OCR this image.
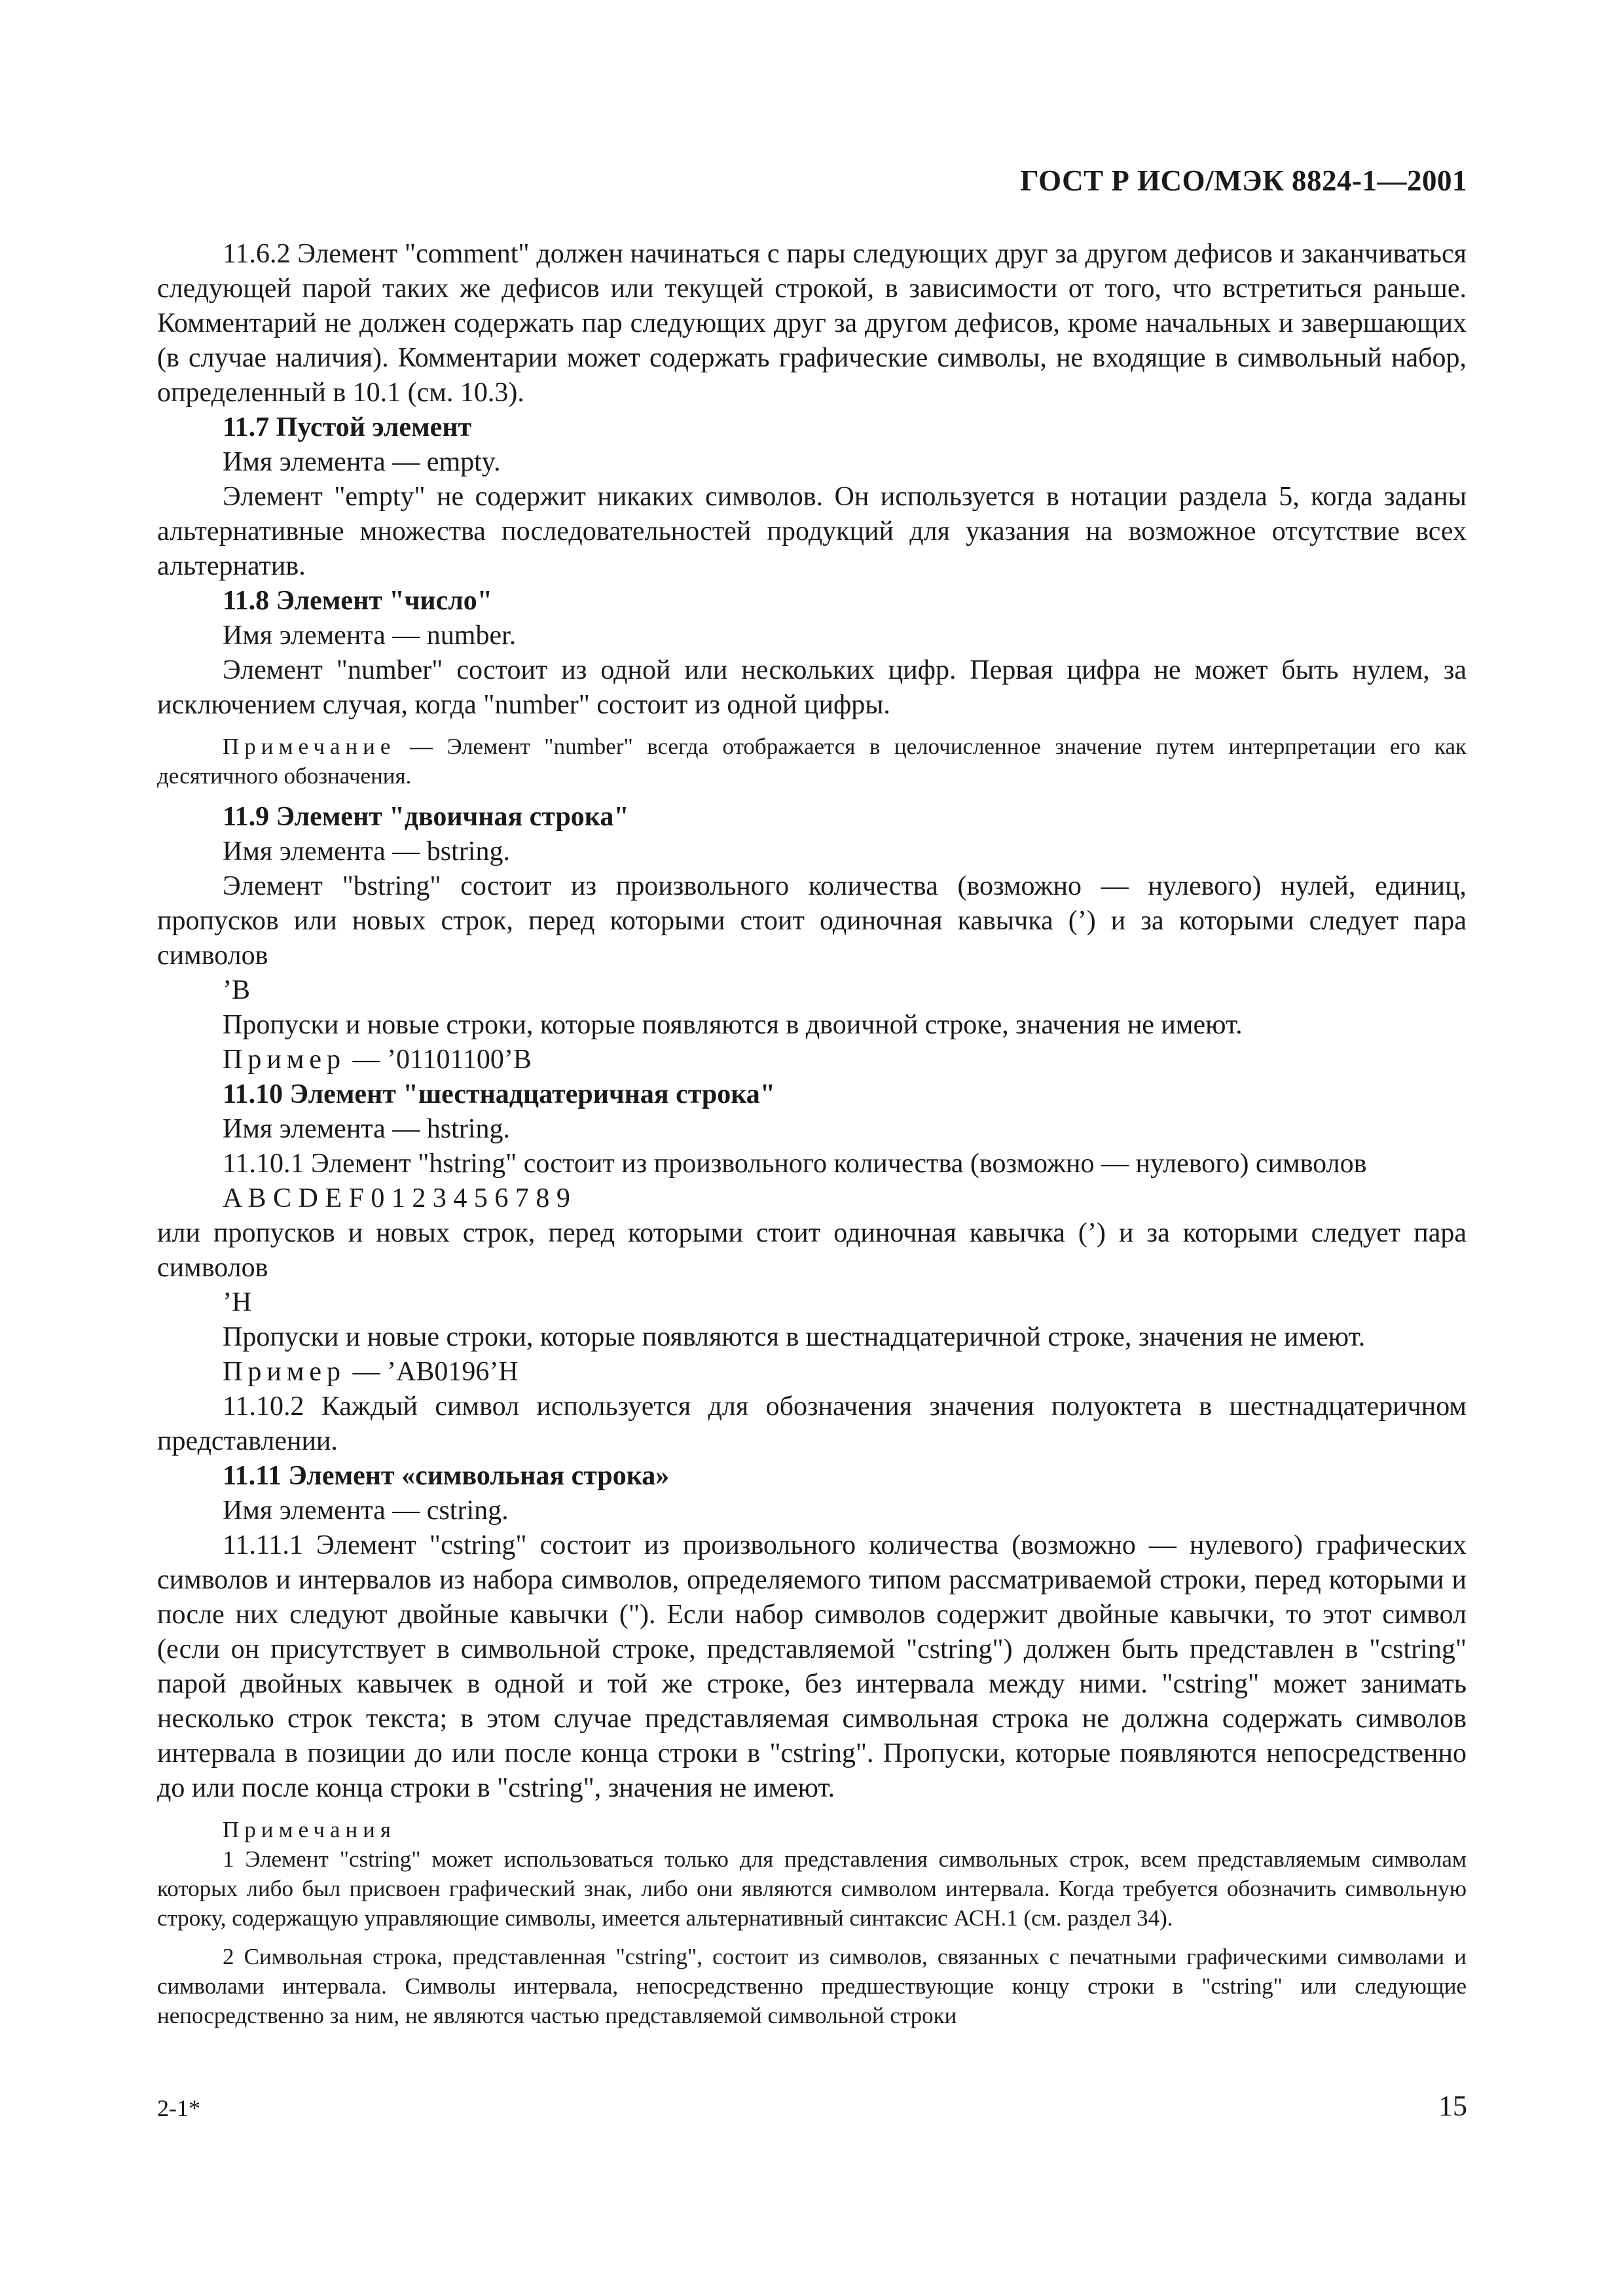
ГОСТ Р ИСО/МЭК 8824-1—2001

11.6.2 Элемент "comment" должен начинаться с пары следующих друг за другом дефисов и заканчиваться следующей парой таких же дефисов или текущей строкой, в зависимости от того, что встретиться раньше. Комментарий не должен содержать пар следующих друг за другом дефисов, кроме начальных и завершающих (в случае наличия). Комментарии может содержать графические символы, не входящие в символьный набор, определенный в 10.1 (см. 10.3).

11.7 Пустой элемент

Имя элемента — empty.

Элемент "empty" не содержит никаких символов. Он используется в нотации раздела 5, когда заданы альтернативные множества последовательностей продукций для указания на возможное отсутствие всех альтернатив.

11.8 Элемент "число"

Имя элемента — number.

Элемент "number" состоит из одной или нескольких цифр. Первая цифра не может быть нулем, за исключением случая, когда "number" состоит из одной цифры.

Примечание — Элемент "number" всегда отображается в целочисленное значение путем интерпретации его как десятичного обозначения.

11.9 Элемент "двоичная строка"

Имя элемента — bstring.

Элемент "bstring" состоит из произвольного количества (возможно — нулевого) нулей, единиц, пропусков или новых строк, перед которыми стоит одиночная кавычка (’) и за которыми следует пара символов

’B

Пропуски и новые строки, которые появляются в двоичной строке, значения не имеют.

Пример — ’01101100’B

11.10 Элемент "шестнадцатеричная строка"

Имя элемента — hstring.

11.10.1 Элемент "hstring" состоит из произвольного количества (возможно — нулевого) символов

A B C D E F 0 1 2 3 4 5 6 7 8 9

или пропусков и новых строк, перед которыми стоит одиночная кавычка (’) и за которыми следует пара символов

’H

Пропуски и новые строки, которые появляются в шестнадцатеричной строке, значения не имеют.

Пример — ’AB0196’H

11.10.2 Каждый символ используется для обозначения значения полуоктета в шестнадцатеричном представлении.

11.11 Элемент «символьная строка»

Имя элемента — cstring.

11.11.1 Элемент "cstring" состоит из произвольного количества (возможно — нулевого) графических символов и интервалов из набора символов, определяемого типом рассматриваемой строки, перед которыми и после них следуют двойные кавычки ("). Если набор символов содержит двойные кавычки, то этот символ (если он присутствует в символьной строке, представляемой "cstring") должен быть представлен в "cstring" парой двойных кавычек в одной и той же строке, без интервала между ними. "cstring" может занимать несколько строк текста; в этом случае представляемая символьная строка не должна содержать символов интервала в позиции до или после конца строки в "cstring". Пропуски, которые появляются непосредственно до или после конца строки в "cstring", значения не имеют.

Примечания

1 Элемент "cstring" может использоваться только для представления символьных строк, всем представляемым символам которых либо был присвоен графический знак, либо они являются символом интервала. Когда требуется обозначить символьную строку, содержащую управляющие символы, имеется альтернативный синтаксис АСН.1 (см. раздел 34).

2 Символьная строка, представленная "cstring", состоит из символов, связанных с печатными графическими символами и символами интервала. Символы интервала, непосредственно предшествующие концу строки в "cstring" или следующие непосредственно за ним, не являются частью представляемой символьной строки

2-1*	15
